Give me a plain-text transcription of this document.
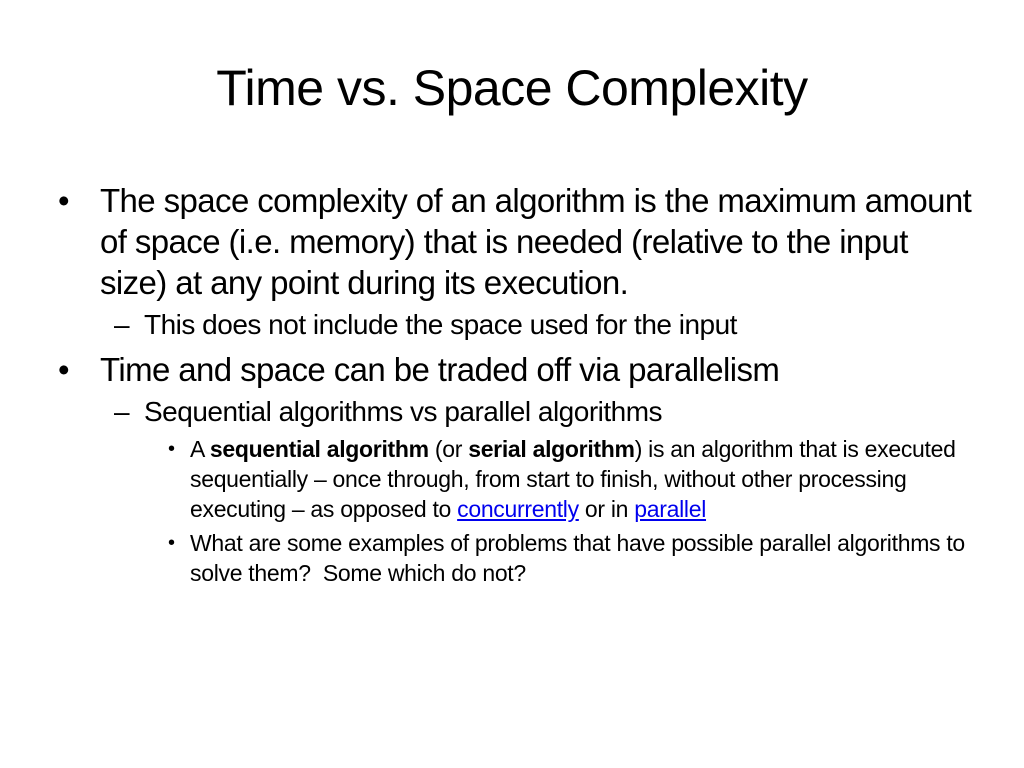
Time vs. Space Complexity
• The space complexity of an algorithm is the maximum amount of space (i.e. memory) that is needed (relative to the input size) at any point during its execution.
– This does not include the space used for the input
• Time and space can be traded off via parallelism
– Sequential algorithms vs parallel algorithms
• A sequential algorithm (or serial algorithm) is an algorithm that is executed sequentially – once through, from start to finish, without other processing executing – as opposed to concurrently or in parallel
• What are some examples of problems that have possible parallel algorithms to solve them?  Some which do not?
